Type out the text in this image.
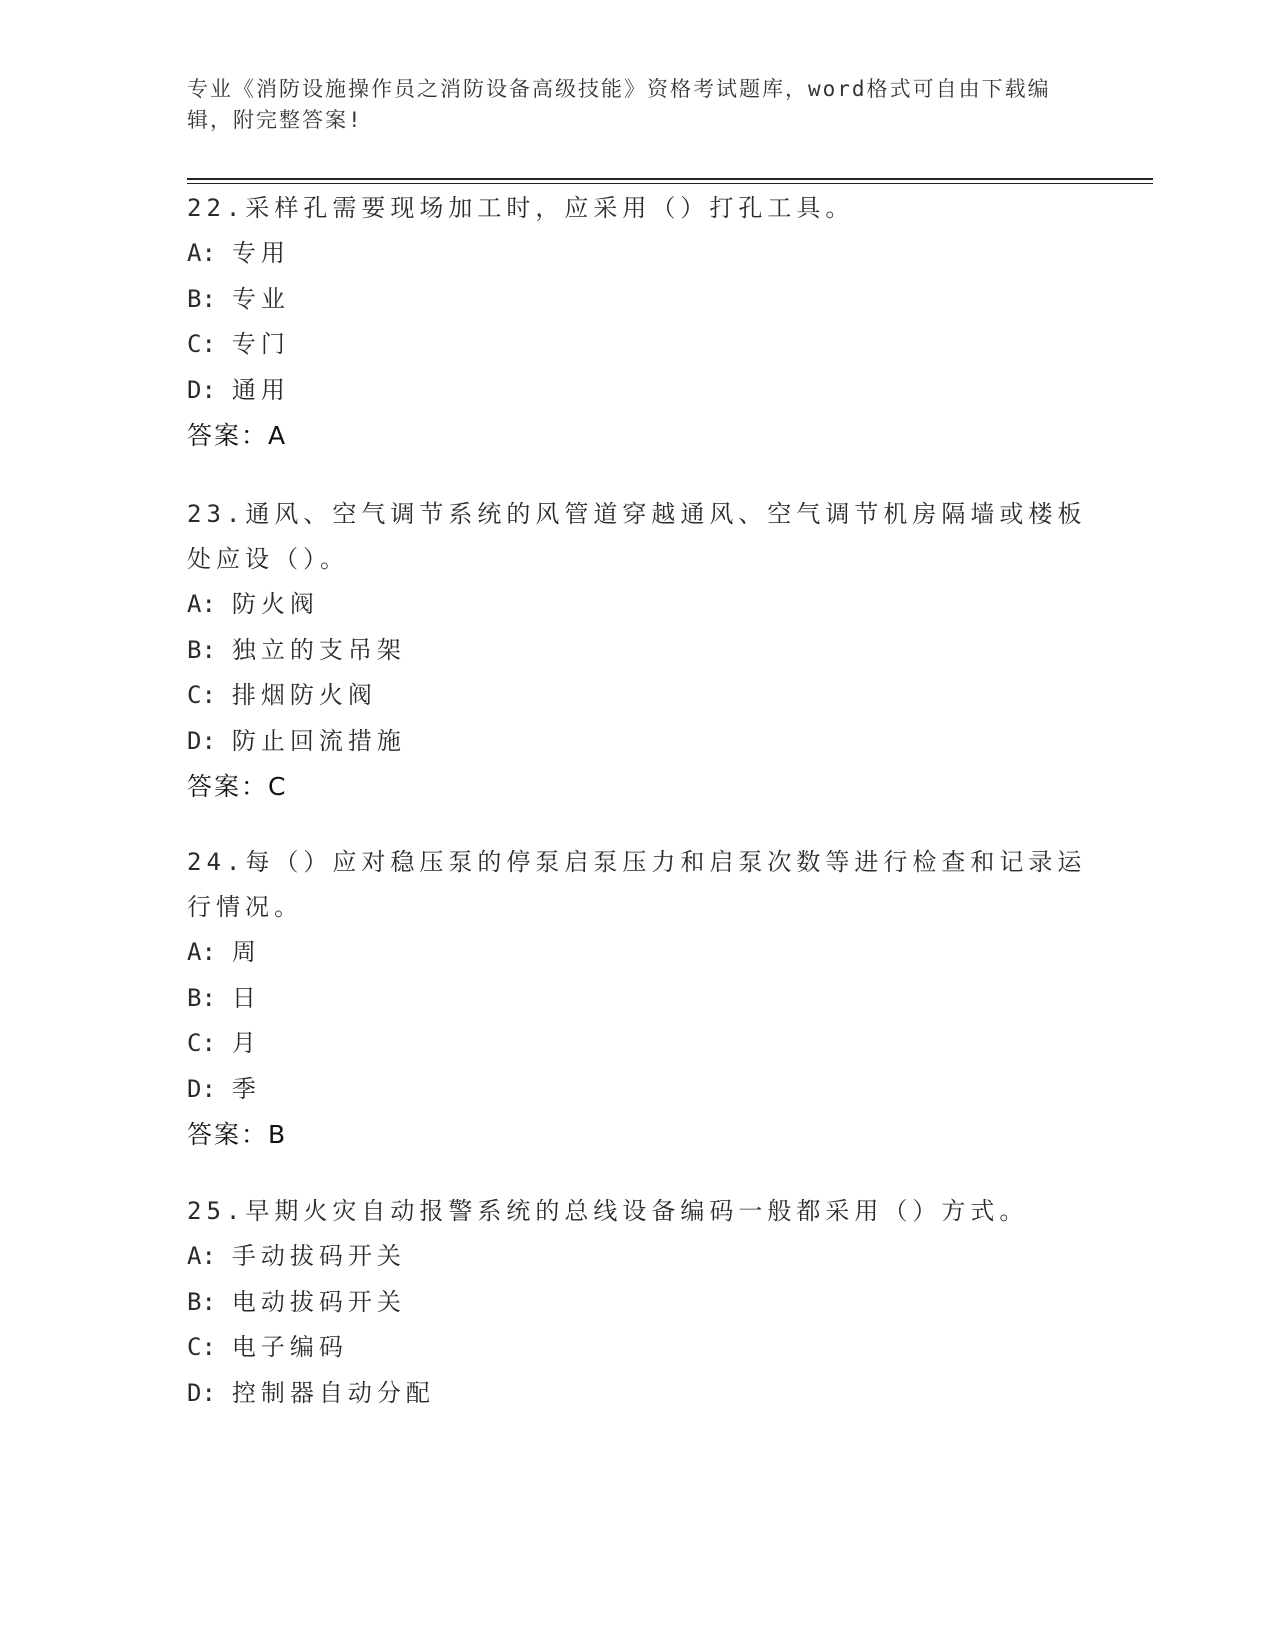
专业《消防设施操作员之消防设备高级技能》资格考试题库，word格式可自由下载编辑，附完整答案!

22.采样孔需要现场加工时，应采用（）打孔工具。

A: 专用

B: 专业

C: 专门

D: 通用

答案：A

23.通风、空气调节系统的风管道穿越通风、空气调节机房隔墙或楼板处应设（）。

A: 防火阀

B: 独立的支吊架

C: 排烟防火阀

D: 防止回流措施

答案：C

24.每（）应对稳压泵的停泵启泵压力和启泵次数等进行检查和记录运行情况。

A: 周

B: 日

C: 月

D: 季

答案：B

25.早期火灾自动报警系统的总线设备编码一般都采用（）方式。

A: 手动拔码开关

B: 电动拔码开关

C: 电子编码

D: 控制器自动分配
